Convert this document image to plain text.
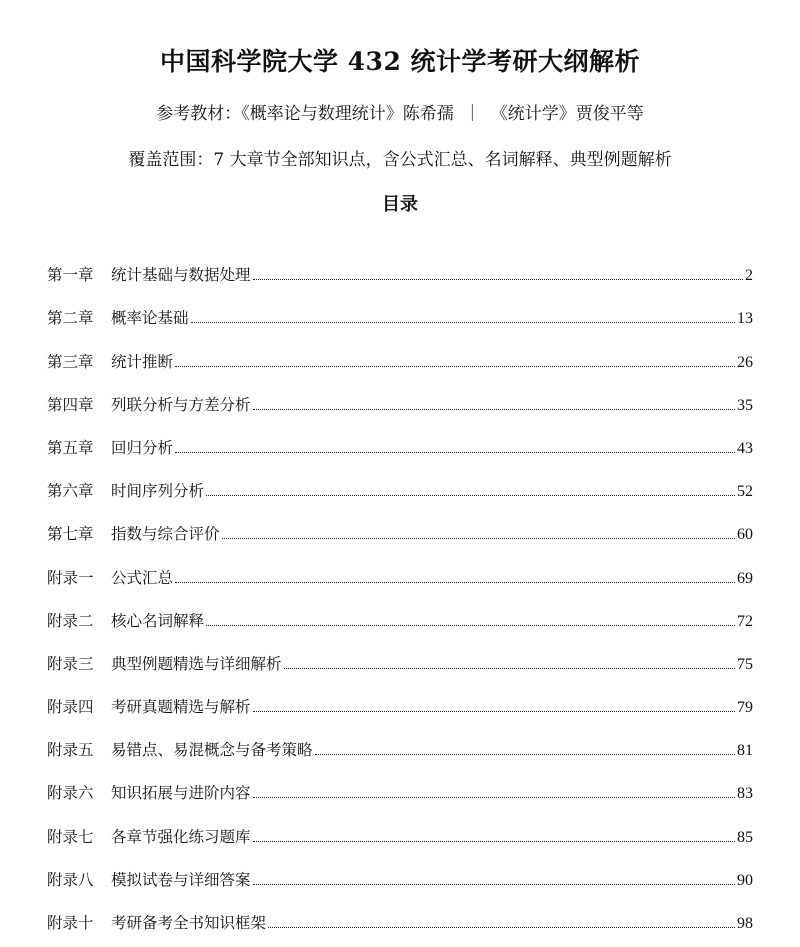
中国科学院大学 432 统计学考研大纲解析
参考教材：《概率论与数理统计》陈希孺 ｜ 《统计学》贾俊平等
覆盖范围：7 大章节全部知识点，含公式汇总、名词解释、典型例题解析
目录
第一章	统计基础与数据处理	2
第二章	概率论基础	13
第三章	统计推断	26
第四章	列联分析与方差分析	35
第五章	回归分析	43
第六章	时间序列分析	52
第七章	指数与综合评价	60
附录一	公式汇总	69
附录二	核心名词解释	72
附录三	典型例题精选与详细解析	75
附录四	考研真题精选与解析	79
附录五	易错点、易混概念与备考策略	81
附录六	知识拓展与进阶内容	83
附录七	各章节强化练习题库	85
附录八	模拟试卷与详细答案	90
附录十	考研备考全书知识框架	98
